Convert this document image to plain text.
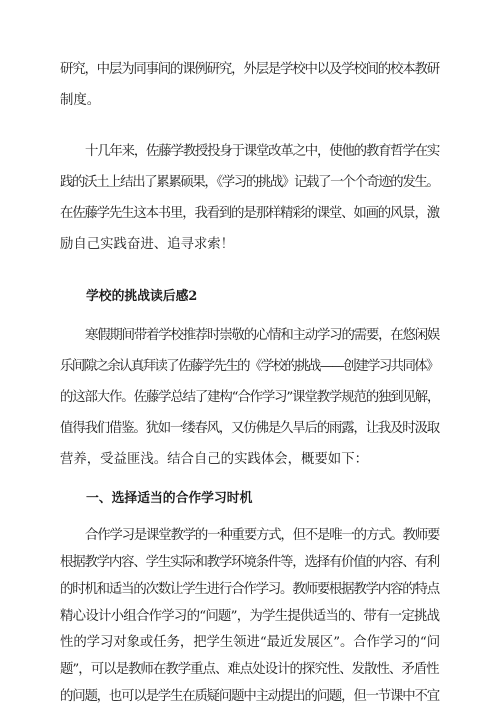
研究，中层为同事间的课例研究，外层是学校中以及学校间的校本教研
制度。
十几年来，佐藤学教授投身于课堂改革之中，使他的教育哲学在实
践的沃土上结出了累累硕果，《学习的挑战》记载了一个个奇迹的发生。
在佐藤学先生这本书里，我看到的是那样精彩的课堂、如画的风景，激
励自己实践奋进、追寻求索！
学校的挑战读后感2
寒假期间带着学校推荐时崇敬的心情和主动学习的需要，在悠闲娱
乐间隙之余认真拜读了佐藤学先生的《学校的挑战——创建学习共同体》
的这部大作。佐藤学总结了建构“合作学习”课堂教学规范的独到见解，
值得我们借鉴。犹如一缕春风，又仿佛是久旱后的雨露，让我及时汲取
营养，受益匪浅。结合自己的实践体会，概要如下：
一、选择适当的合作学习时机
合作学习是课堂教学的一种重要方式，但不是唯一的方式。教师要
根据教学内容、学生实际和教学环境条件等，选择有价值的内容、有利
的时机和适当的次数让学生进行合作学习。教师要根据教学内容的特点
精心设计小组合作学习的“问题”，为学生提供适当的、带有一定挑战
性的学习对象或任务，把学生领进“最近发展区”。合作学习的“问
题”，可以是教师在教学重点、难点处设计的探究性、发散性、矛盾性
的问题，也可以是学生在质疑问题中主动提出的问题，但一节课中不宜
